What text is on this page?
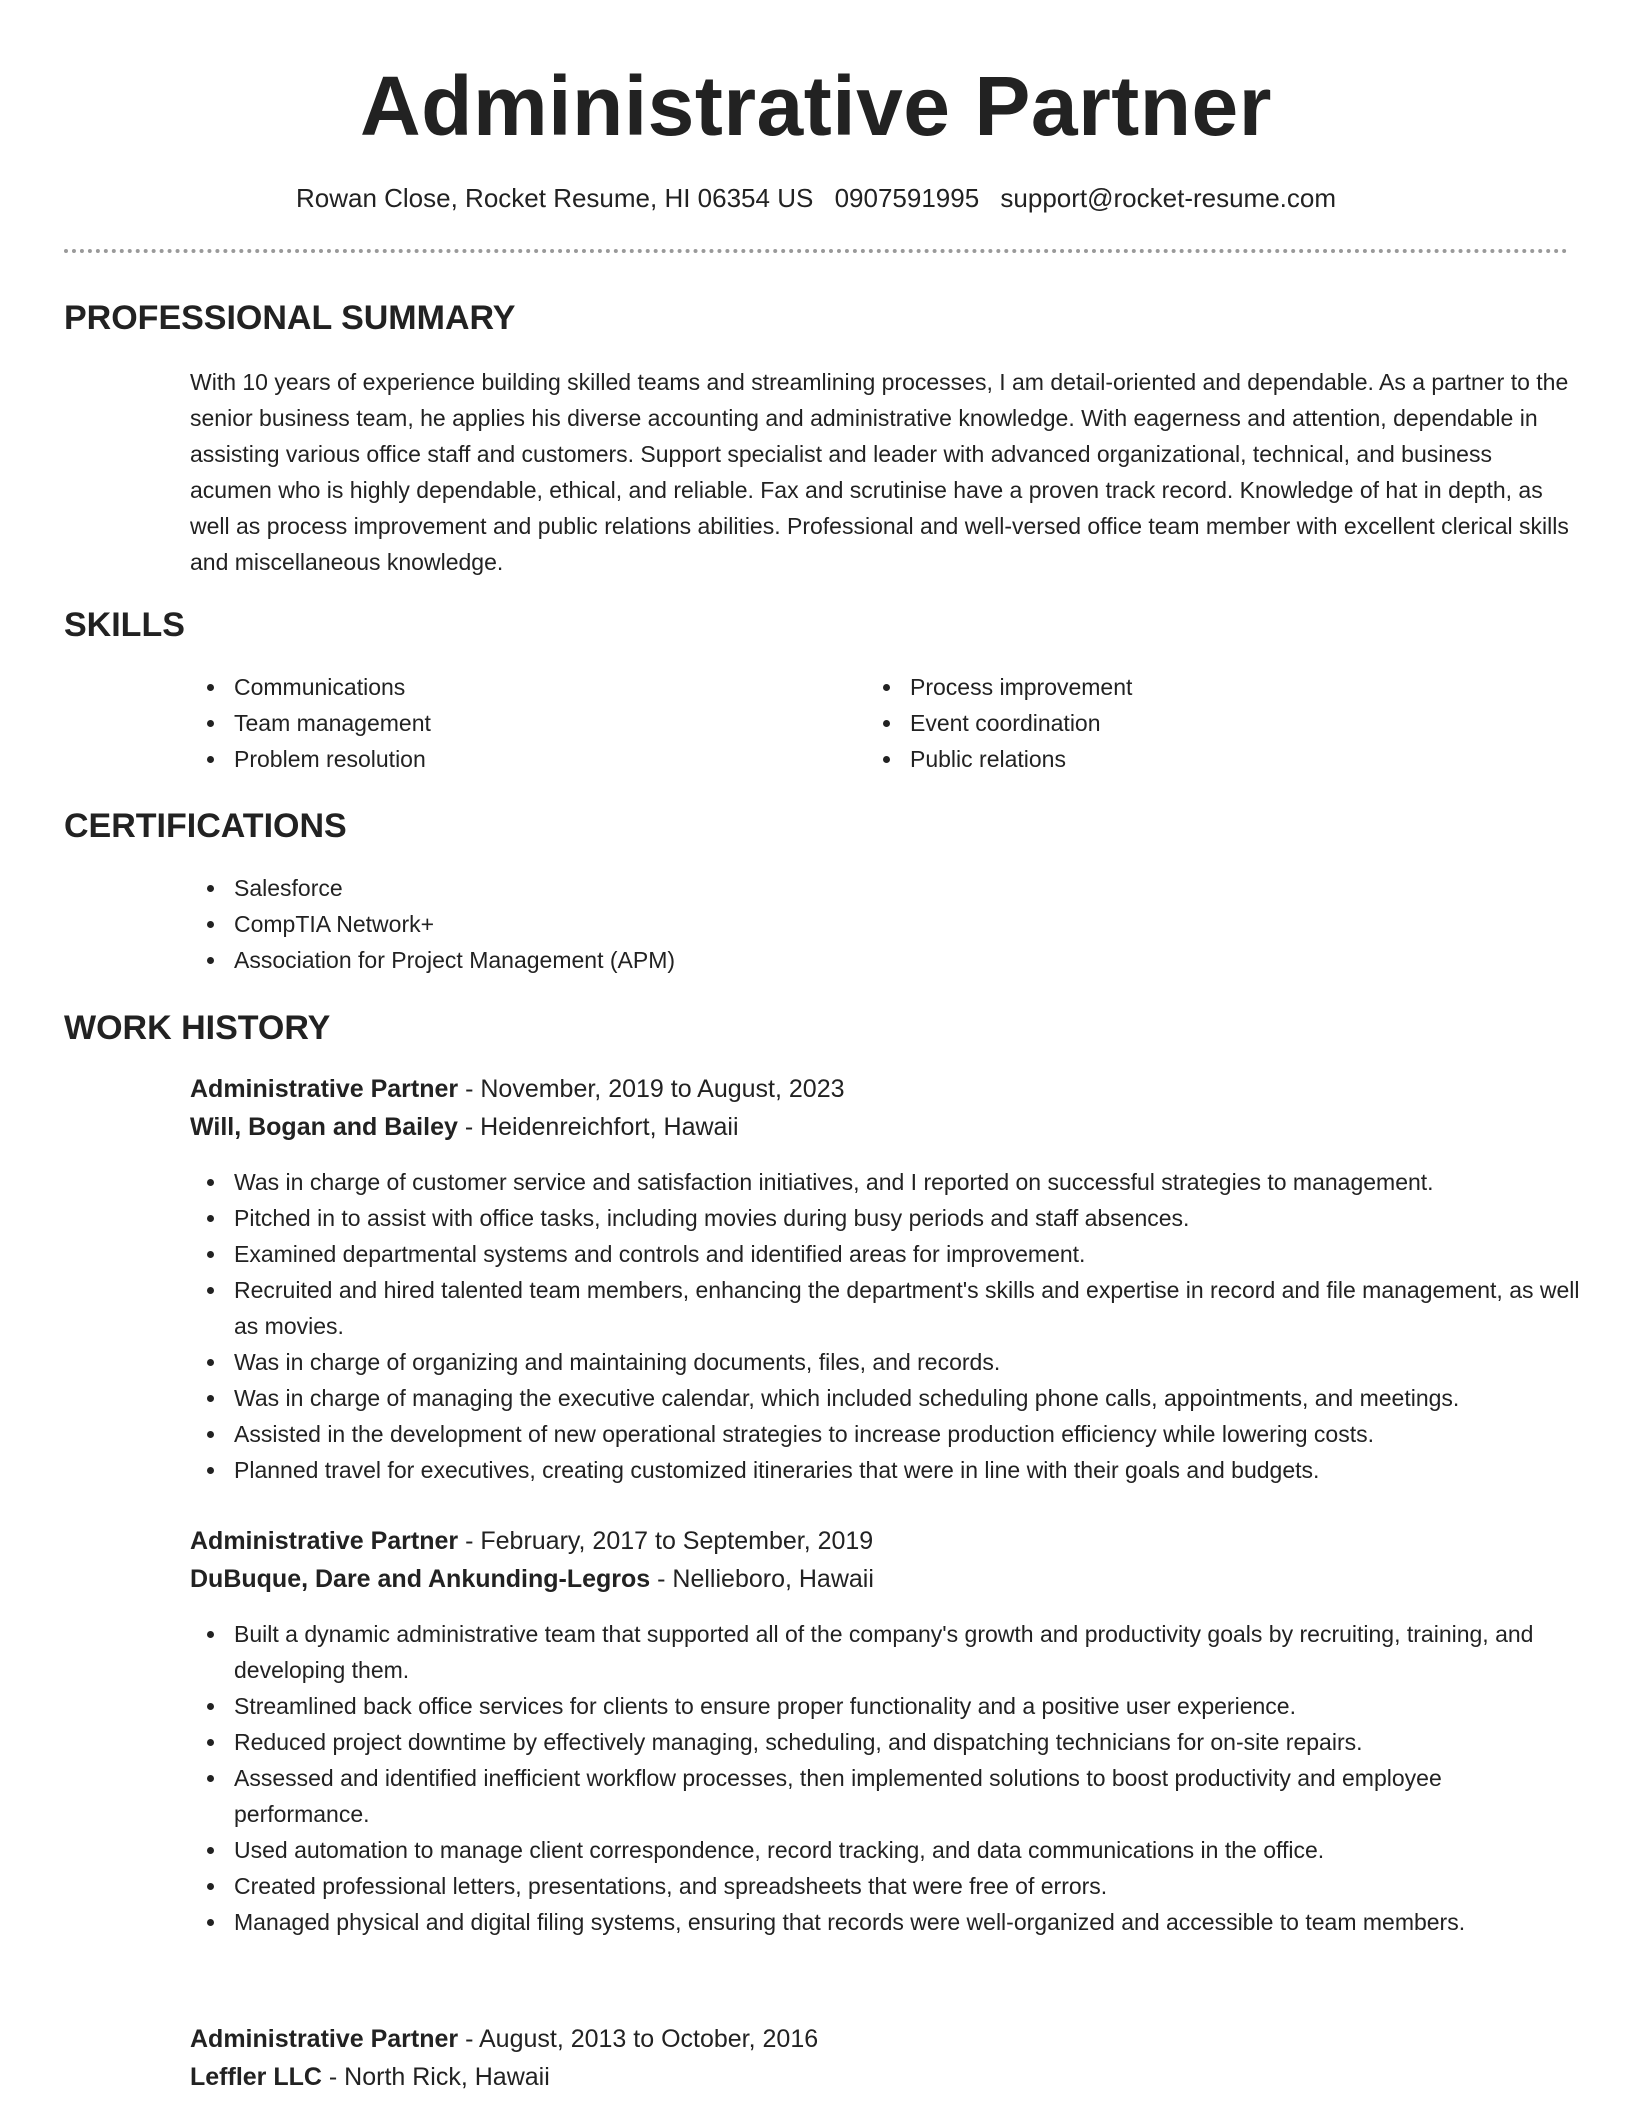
Administrative Partner
Rowan Close, Rocket Resume, HI 06354 US 0907591995 support@rocket-resume.com
PROFESSIONAL SUMMARY

With 10 years of experience building skilled teams and streamlining processes, I am detail-oriented and dependable. As a partner to the senior business team, he applies his diverse accounting and administrative knowledge. With eagerness and attention, dependable in assisting various office staff and customers. Support specialist and leader with advanced organizational, technical, and business acumen who is highly dependable, ethical, and reliable. Fax and scrutinise have a proven track record. Knowledge of hat in depth, as well as process improvement and public relations abilities. Professional and well-versed office team member with excellent clerical skills and miscellaneous knowledge.

SKILLS
Communications
Team management
Problem resolution
Process improvement
Event coordination
Public relations
CERTIFICATIONS
Salesforce
CompTIA Network+
Association for Project Management (APM)
WORK HISTORY
Administrative Partner - November, 2019 to August, 2023
Will, Bogan and Bailey - Heidenreichfort, Hawaii
Was in charge of customer service and satisfaction initiatives, and I reported on successful strategies to management.
Pitched in to assist with office tasks, including movies during busy periods and staff absences.
Examined departmental systems and controls and identified areas for improvement.
Recruited and hired talented team members, enhancing the department's skills and expertise in record and file management, as well as movies.
Was in charge of organizing and maintaining documents, files, and records.
Was in charge of managing the executive calendar, which included scheduling phone calls, appointments, and meetings.
Assisted in the development of new operational strategies to increase production efficiency while lowering costs.
Planned travel for executives, creating customized itineraries that were in line with their goals and budgets.
Administrative Partner - February, 2017 to September, 2019
DuBuque, Dare and Ankunding-Legros - Nellieboro, Hawaii
Built a dynamic administrative team that supported all of the company's growth and productivity goals by recruiting, training, and developing them.
Streamlined back office services for clients to ensure proper functionality and a positive user experience.
Reduced project downtime by effectively managing, scheduling, and dispatching technicians for on-site repairs.
Assessed and identified inefficient workflow processes, then implemented solutions to boost productivity and employee performance.
Used automation to manage client correspondence, record tracking, and data communications in the office.
Created professional letters, presentations, and spreadsheets that were free of errors.
Managed physical and digital filing systems, ensuring that records were well-organized and accessible to team members.
Administrative Partner - August, 2013 to October, 2016
Leffler LLC - North Rick, Hawaii
